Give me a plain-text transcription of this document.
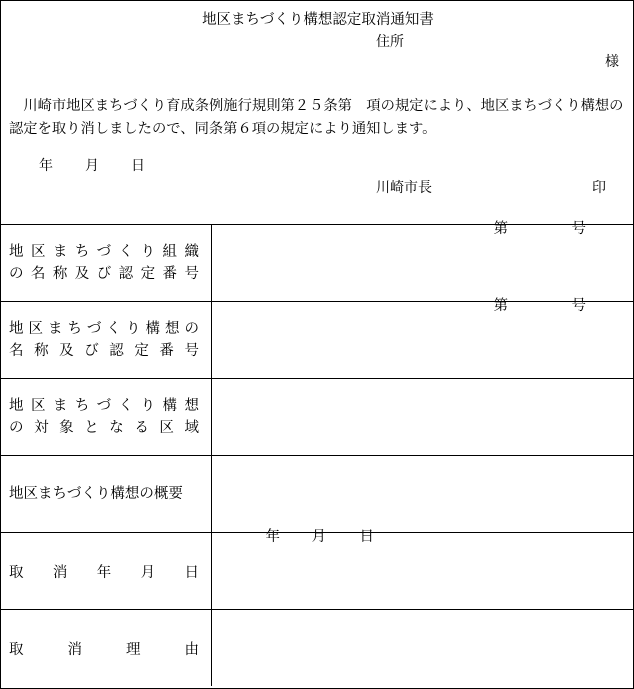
地区まちづくり構想認定取消通知書
住所
様
　川崎市地区まちづくり育成条例施行規則第２５条第　項の規定により、地区まちづくり構想の認定を取り消しましたので、同条第６項の規定により通知します。
年 月 日
川崎市長	印
地区まちづくり組織
の名称及び認定番号	第 号

地区まちづくり構想の
名称及び認定番号	第 号

地区まちづくり構想
の対象となる区域	

地区まちづくり構想の概要	

取 消 年 月 日	年 月 日

取 消 理 由	
